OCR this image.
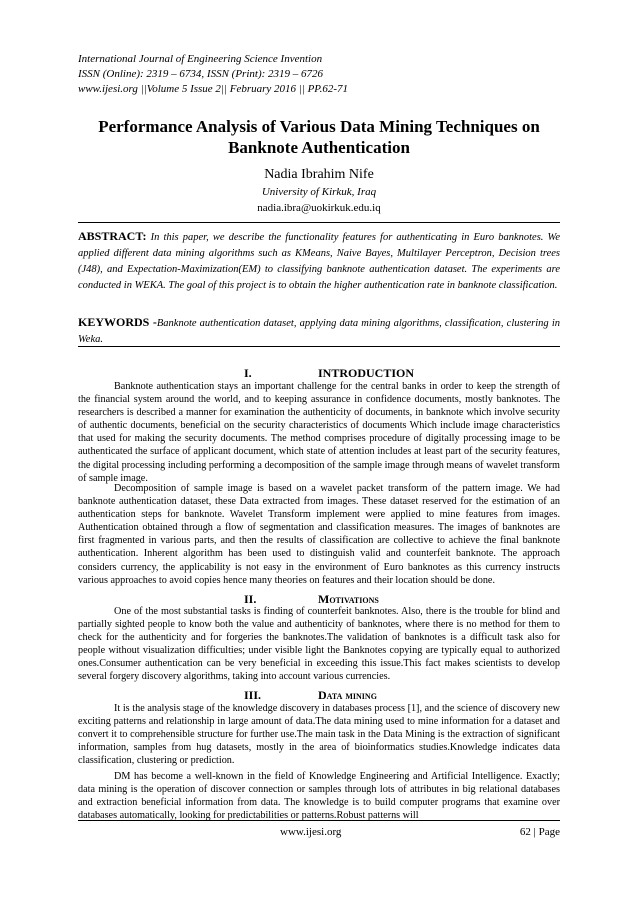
International Journal of Engineering Science Invention
ISSN (Online): 2319 – 6734, ISSN (Print): 2319 – 6726
www.ijesi.org ||Volume 5 Issue 2|| February 2016 || PP.62-71
Performance Analysis of Various Data Mining Techniques on
Banknote Authentication
Nadia Ibrahim Nife
University of Kirkuk, Iraq
nadia.ibra@uokirkuk.edu.iq
ABSTRACT: In this paper, we describe the functionality features for authenticating in Euro banknotes. We applied different data mining algorithms such as KMeans, Naive Bayes, Multilayer Perceptron, Decision trees (J48), and Expectation-Maximization(EM) to classifying banknote authentication dataset. The experiments are conducted in WEKA. The goal of this project is to obtain the higher authentication rate in banknote classification.
KEYWORDS -Banknote authentication dataset, applying data mining algorithms, classification, clustering in Weka.
I.	INTRODUCTION
Banknote authentication stays an important challenge for the central banks in order to keep the strength of the financial system around the world, and to keeping assurance in confidence documents, mostly banknotes. The researchers is described a manner for examination the authenticity of documents, in banknote which involve security of authentic documents, beneficial on the security characteristics of documents Which include image characteristics that used for making the security documents. The method comprises procedure of digitally processing image to be authenticated the surface of applicant document, which state of attention includes at least part of the security features, the digital processing including performing a decomposition of the sample image through means of wavelet transform of sample image.
Decomposition of sample image is based on a wavelet packet transform of the pattern image. We had banknote authentication dataset, these Data extracted from images. These dataset reserved for the estimation of an authentication steps for banknote. Wavelet Transform implement were applied to mine features from images. Authentication obtained through a flow of segmentation and classification measures. The images of banknotes are first fragmented in various parts, and then the results of classification are collective to achieve the final banknote authentication. Inherent algorithm has been used to distinguish valid and counterfeit banknote. The approach considers currency, the applicability is not easy in the environment of Euro banknotes as this currency instructs various approaches to avoid copies hence many theories on features and their location should be done.
II.	Motivations
One of the most substantial tasks is finding of counterfeit banknotes. Also, there is the trouble for blind and partially sighted people to know both the value and authenticity of banknotes, where there is no method for them to check for the authenticity and for forgeries the banknotes.The validation of banknotes is a difficult task also for people without visualization difficulties; under visible light the Banknotes copying are typically equal to authorized ones.Consumer authentication can be very beneficial in exceeding this issue.This fact makes scientists to develop several forgery discovery algorithms, taking into account various currencies.
III.	Data mining
It is the analysis stage of the knowledge discovery in databases process [1], and the science of discovery new exciting patterns and relationship in large amount of data.The data mining used to mine information for a dataset and convert it to comprehensible structure for further use.The main task in the Data Mining is the extraction of significant information, samples from hug datasets, mostly in the area of bioinformatics studies.Knowledge indicates data classification, clustering or prediction.
DM has become a well-known in the field of Knowledge Engineering and Artificial Intelligence. Exactly; data mining is the operation of discover connection or samples through lots of attributes in big relational databases and extraction beneficial information from data. The knowledge is to build computer programs that examine over databases automatically, looking for predictabilities or patterns.Robust patterns will
www.ijesi.org	62 | Page
